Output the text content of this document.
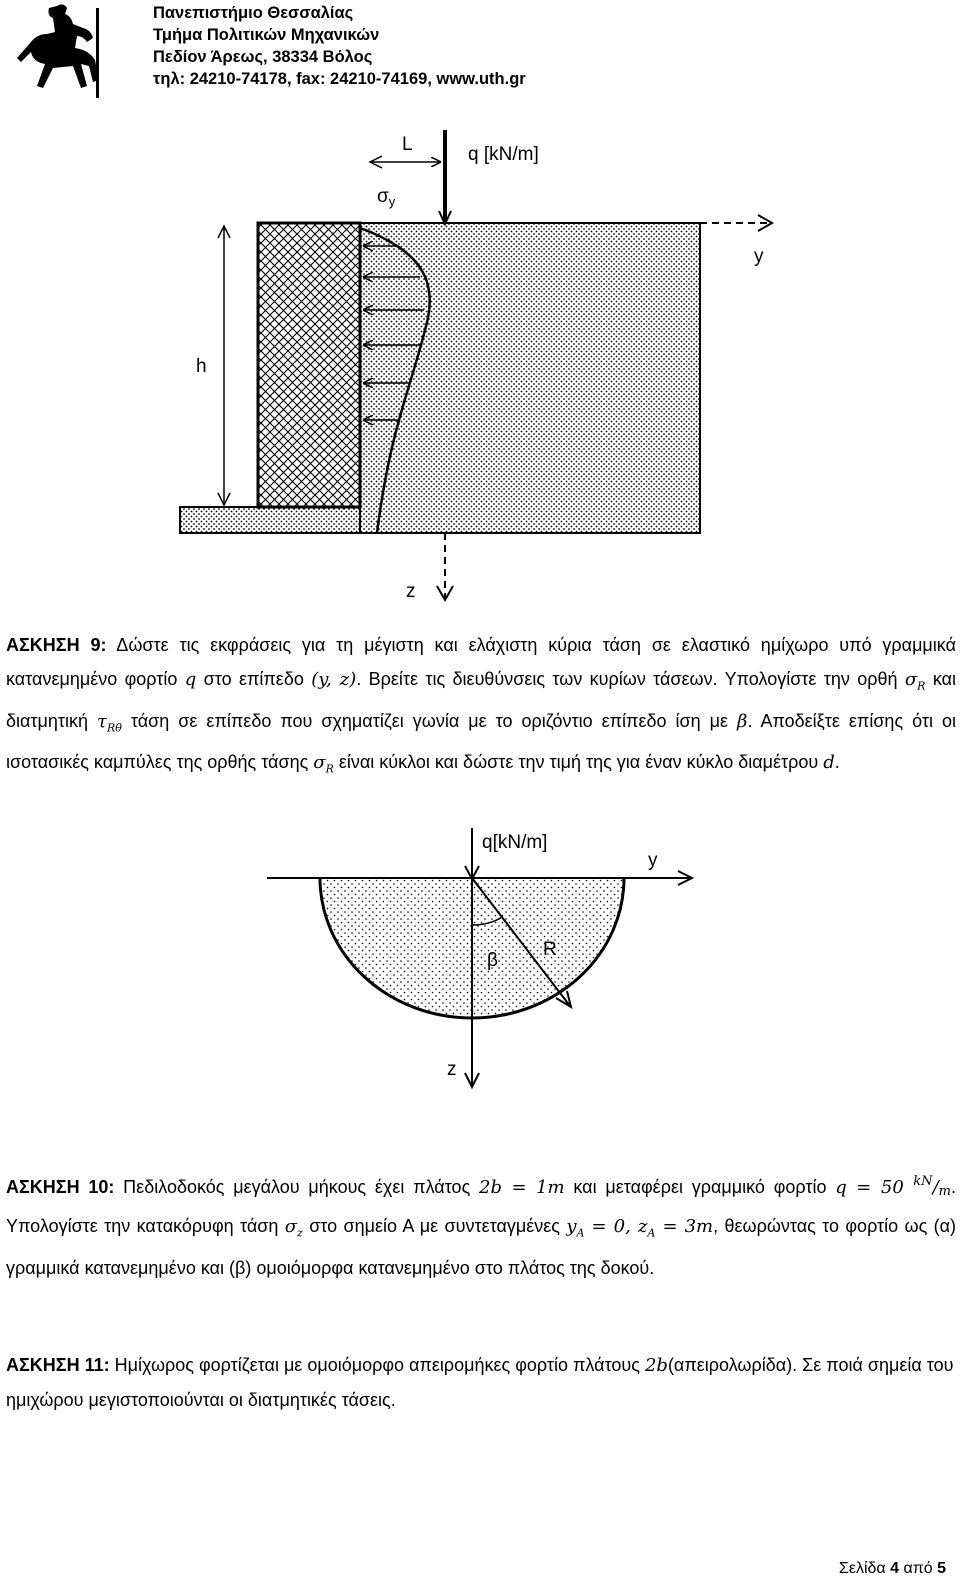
Πανεπιστήμιο Θεσσαλίας
Τμήμα Πολιτικών Μηχανικών
Πεδίον Άρεως, 38334 Βόλος
τηλ: 24210-74178, fax: 24210-74169, www.uth.gr
L	q [kN/m]
$\sigma_y$
y
h
z
ΑΣΚΗΣΗ 9: Δώστε τις εκφράσεις για τη μέγιστη και ελάχιστη κύρια τάση σε ελαστικό ημίχωρο υπό γραμμικά κατανεμημένο φορτίο q στο επίπεδο (y, z). Βρείτε τις διευθύνσεις των κυρίων τάσεων. Υπολογίστε την ορθή $\sigma_R$ και διατμητική $\tau_{R\theta}$ τάση σε επίπεδο που σχηματίζει γωνία με το οριζόντιο επίπεδο ίση με β. Αποδείξτε επίσης ότι οι ισοτασικές καμπύλες της ορθής τάσης $\sigma_R$ είναι κύκλοι και δώστε την τιμή της για έναν κύκλο διαμέτρου d.
q[kN/m]
y
β
R
z
ΑΣΚΗΣΗ 10: Πεδιλοδοκός μεγάλου μήκους έχει πλάτος 2b = 1m και μεταφέρει γραμμικό φορτίο q = 50 $^{kN}/_m$. Υπολογίστε την κατακόρυφη τάση $\sigma_z$ στο σημείο Α με συντεταγμένες $y_A = 0$, $z_A = 3m$, θεωρώντας το φορτίο ως (α) γραμμικά κατανεμημένο και (β) ομοιόμορφα κατανεμημένο στο πλάτος της δοκού.
ΑΣΚΗΣΗ 11: Ημίχωρος φορτίζεται με ομοιόμορφο απειρομήκες φορτίο πλάτους 2b(απειρολωρίδα). Σε ποιά σημεία του ημιχώρου μεγιστοποιούνται οι διατμητικές τάσεις.
Σελίδα 4 από 5
